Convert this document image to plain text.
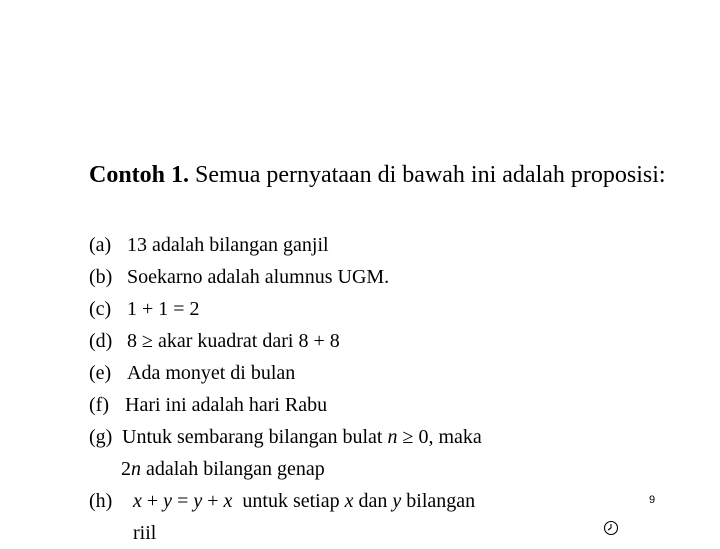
Contoh 1. Semua pernyataan di bawah ini adalah proposisi:
(a) 13 adalah bilangan ganjil
(b) Soekarno adalah alumnus UGM.
(c) 1 + 1 = 2
(d) 8 ≥ akar kuadrat dari 8 + 8
(e) Ada monyet di bulan
(f) Hari ini adalah hari Rabu
(g) Untuk sembarang bilangan bulat n ≥ 0, maka
2n adalah bilangan genap
(h) x + y = y + x  untuk setiap x dan y bilangan
riil
9
